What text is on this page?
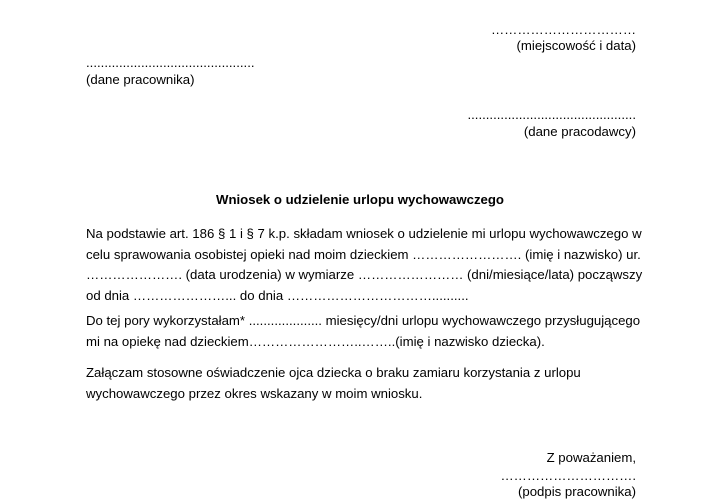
……………………………
(miejscowość i data)
..............................................
(dane pracownika)
..............................................
(dane pracodawcy)
Wniosek o udzielenie urlopu wychowawczego
Na podstawie art. 186 § 1 i § 7 k.p. składam wniosek o udzielenie mi urlopu wychowawczego w
celu sprawowania osobistej opieki nad moim dzieckiem ……………………. (imię i nazwisko) ur.
…………………. (data urodzenia) w wymiarze …………………… (dni/miesiące/lata) począwszy
od dnia …………………... do dnia ……………………………..........
Do tej pory wykorzystałam* .................... miesięcy/dni urlopu wychowawczego przysługującego
mi na opiekę nad dzieckiem……………………..……..(imię i nazwisko dziecka).
Załączam stosowne oświadczenie ojca dziecka o braku zamiaru korzystania z urlopu
wychowawczego przez okres wskazany w moim wniosku.
Z poważaniem,
………………………….
(podpis pracownika)
